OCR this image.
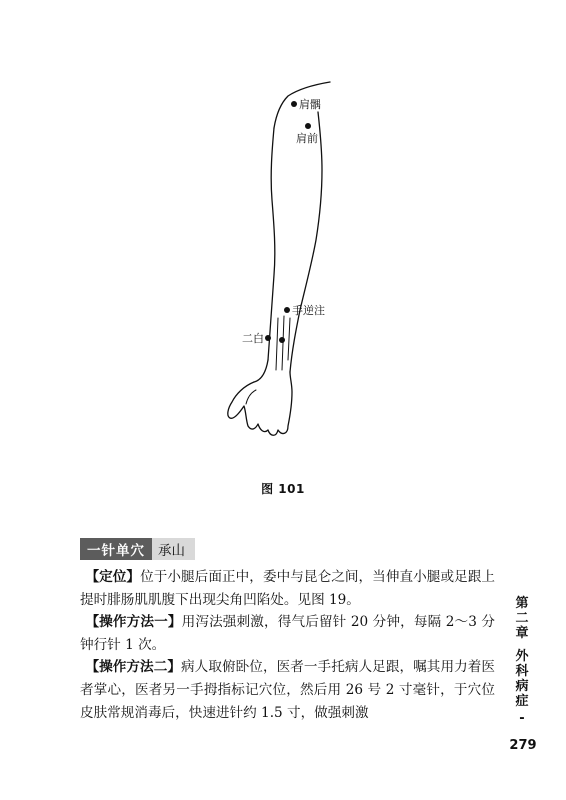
肩髃
肩前
手逆注
二白
图 101
一针单穴 承山

【定位】位于小腿后面正中，委中与昆仑之间，当伸直小腿或足跟上提时腓肠肌肌腹下出现尖角凹陷处。见图 19。

【操作方法一】用泻法强刺激，得气后留针 20 分钟，每隔 2～3 分钟行针 1 次。

【操作方法二】病人取俯卧位，医者一手托病人足跟，嘱其用力着医者掌心，医者另一手拇指标记穴位，然后用 26 号 2 寸毫针，于穴位皮肤常规消毒后，快速进针约 1.5 寸，做强刺激

第
二
章
外
科
病
症
-
279
